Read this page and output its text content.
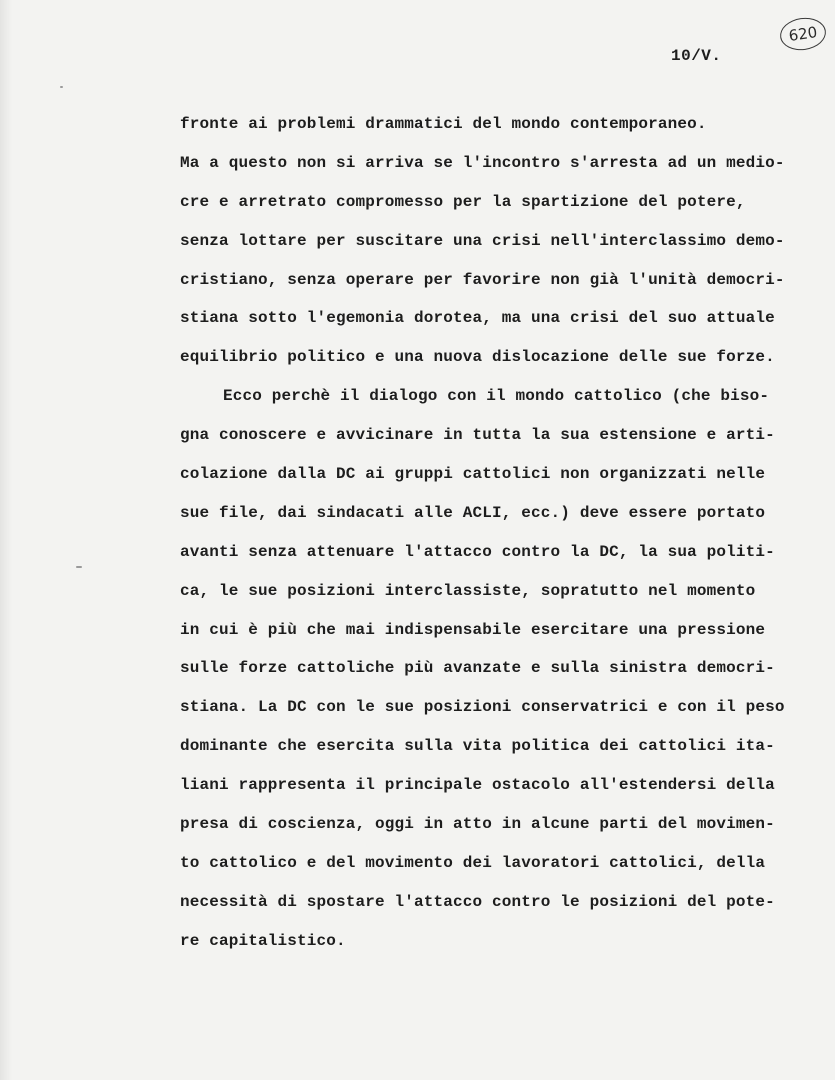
620
10/V.
fronte ai problemi drammatici del mondo contemporaneo.
Ma a questo non si arriva se l'incontro s'arresta ad un medio-
cre e arretrato compromesso per la spartizione del potere,
senza lottare per suscitare una crisi nell'interclassimo demo-
cristiano, senza operare per favorire non già l'unità democri-
stiana sotto l'egemonia dorotea, ma una crisi del suo attuale
equilibrio politico e una nuova dislocazione delle sue forze.
Ecco perchè il dialogo con il mondo cattolico (che biso-
gna conoscere e avvicinare in tutta la sua estensione e arti-
colazione dalla DC ai gruppi cattolici non organizzati nelle
sue file, dai sindacati alle ACLI, ecc.) deve essere portato
avanti senza attenuare l'attacco contro la DC, la sua politi-
ca, le sue posizioni interclassiste, sopratutto nel momento
in cui è più che mai indispensabile esercitare una pressione
sulle forze cattoliche più avanzate e sulla sinistra democri-
stiana. La DC con le sue posizioni conservatrici e con il peso
dominante che esercita sulla vita politica dei cattolici ita-
liani rappresenta il principale ostacolo all'estendersi della
presa di coscienza, oggi in atto in alcune parti del movimen-
to cattolico e del movimento dei lavoratori cattolici, della
necessità di spostare l'attacco contro le posizioni del pote-
re capitalistico.
